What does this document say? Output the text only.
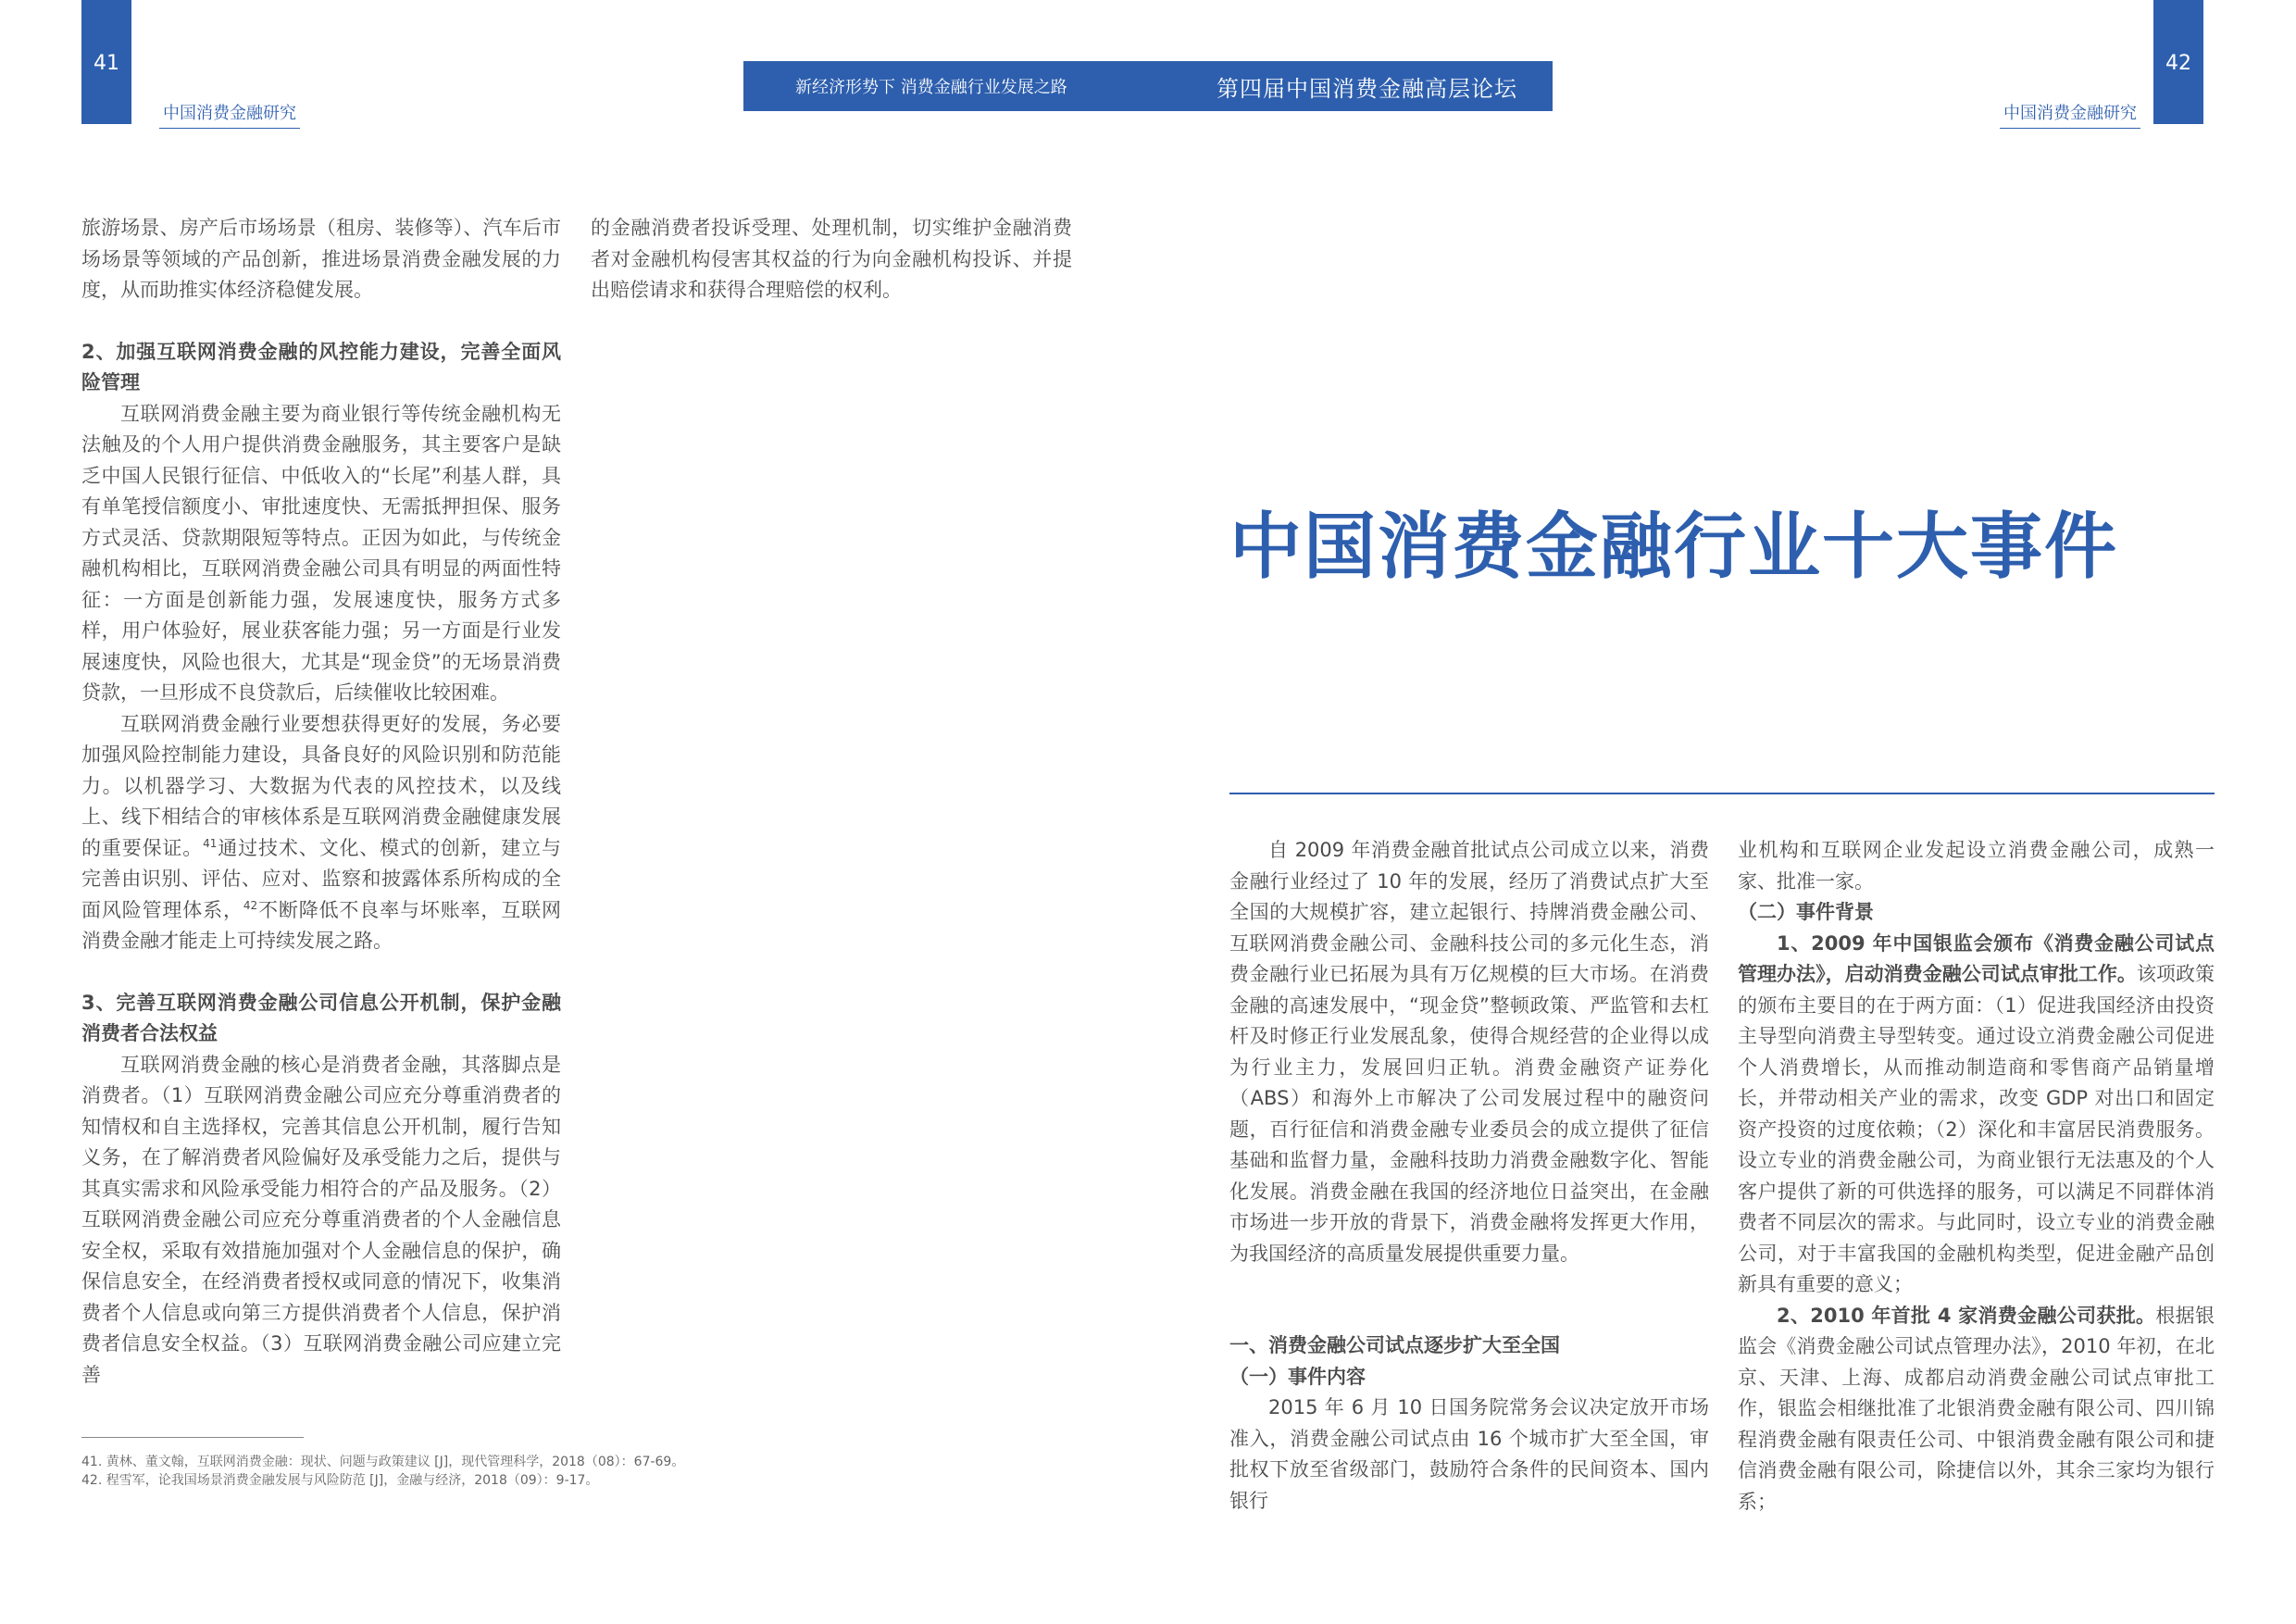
41	42
中国消费金融研究	中国消费金融研究
新经济形势下 消费金融行业发展之路	第四届中国消费金融高层论坛

旅游场景、房产后市场场景（租房、装修等）、汽车后市场场景等领域的产品创新，推进场景消费金融发展的力度，从而助推实体经济稳健发展。

2、加强互联网消费金融的风控能力建设，完善全面风险管理

互联网消费金融主要为商业银行等传统金融机构无法触及的个人用户提供消费金融服务，其主要客户是缺乏中国人民银行征信、中低收入的“长尾”利基人群，具有单笔授信额度小、审批速度快、无需抵押担保、服务方式灵活、贷款期限短等特点。正因为如此，与传统金融机构相比，互联网消费金融公司具有明显的两面性特征：一方面是创新能力强，发展速度快，服务方式多样，用户体验好，展业获客能力强；另一方面是行业发展速度快，风险也很大，尤其是“现金贷”的无场景消费贷款，一旦形成不良贷款后，后续催收比较困难。

互联网消费金融行业要想获得更好的发展，务必要加强风险控制能力建设，具备良好的风险识别和防范能力。以机器学习、大数据为代表的风控技术，以及线上、线下相结合的审核体系是互联网消费金融健康发展的重要保证。$^{41}$通过技术、文化、模式的创新，建立与完善由识别、评估、应对、监察和披露体系所构成的全面风险管理体系，$^{42}$不断降低不良率与坏账率，互联网消费金融才能走上可持续发展之路。

3、完善互联网消费金融公司信息公开机制，保护金融消费者合法权益

互联网消费金融的核心是消费者金融，其落脚点是消费者。（1）互联网消费金融公司应充分尊重消费者的知情权和自主选择权，完善其信息公开机制，履行告知义务，在了解消费者风险偏好及承受能力之后，提供与其真实需求和风险承受能力相符合的产品及服务。（2）互联网消费金融公司应充分尊重消费者的个人金融信息安全权，采取有效措施加强对个人金融信息的保护，确保信息安全，在经消费者授权或同意的情况下，收集消费者个人信息或向第三方提供消费者个人信息，保护消费者信息安全权益。（3）互联网消费金融公司应建立完善

的金融消费者投诉受理、处理机制，切实维护金融消费者对金融机构侵害其权益的行为向金融机构投诉、并提出赔偿请求和获得合理赔偿的权利。

41. 黄林、董文翰，互联网消费金融：现状、问题与政策建议 [J]，现代管理科学，2018（08）：67-69。
42. 程雪军，论我国场景消费金融发展与风险防范 [J]，金融与经济，2018（09）：9-17。
中国消费金融行业十大事件

自 2009 年消费金融首批试点公司成立以来，消费金融行业经过了 10 年的发展，经历了消费试点扩大至全国的大规模扩容，建立起银行、持牌消费金融公司、互联网消费金融公司、金融科技公司的多元化生态，消费金融行业已拓展为具有万亿规模的巨大市场。在消费金融的高速发展中，“现金贷”整顿政策、严监管和去杠杆及时修正行业发展乱象，使得合规经营的企业得以成为行业主力，发展回归正轨。消费金融资产证券化（ABS）和海外上市解决了公司发展过程中的融资问题，百行征信和消费金融专业委员会的成立提供了征信基础和监督力量，金融科技助力消费金融数字化、智能化发展。消费金融在我国的经济地位日益突出，在金融市场进一步开放的背景下，消费金融将发挥更大作用，为我国经济的高质量发展提供重要力量。

一、消费金融公司试点逐步扩大至全国
（一）事件内容

2015 年 6 月 10 日国务院常务会议决定放开市场准入，消费金融公司试点由 16 个城市扩大至全国，审批权下放至省级部门，鼓励符合条件的民间资本、国内银行

业机构和互联网企业发起设立消费金融公司，成熟一家、批准一家。

（二）事件背景

1、2009 年中国银监会颁布《消费金融公司试点管理办法》，启动消费金融公司试点审批工作。该项政策的颁布主要目的在于两方面：（1）促进我国经济由投资主导型向消费主导型转变。通过设立消费金融公司促进个人消费增长，从而推动制造商和零售商产品销量增长，并带动相关产业的需求，改变 GDP 对出口和固定资产投资的过度依赖；（2）深化和丰富居民消费服务。设立专业的消费金融公司，为商业银行无法惠及的个人客户提供了新的可供选择的服务，可以满足不同群体消费者不同层次的需求。与此同时，设立专业的消费金融公司，对于丰富我国的金融机构类型，促进金融产品创新具有重要的意义；

2、2010 年首批 4 家消费金融公司获批。根据银监会《消费金融公司试点管理办法》，2010 年初，在北京、天津、上海、成都启动消费金融公司试点审批工作，银监会相继批准了北银消费金融有限公司、四川锦程消费金融有限责任公司、中银消费金融有限公司和捷信消费金融有限公司，除捷信以外，其余三家均为银行系；
